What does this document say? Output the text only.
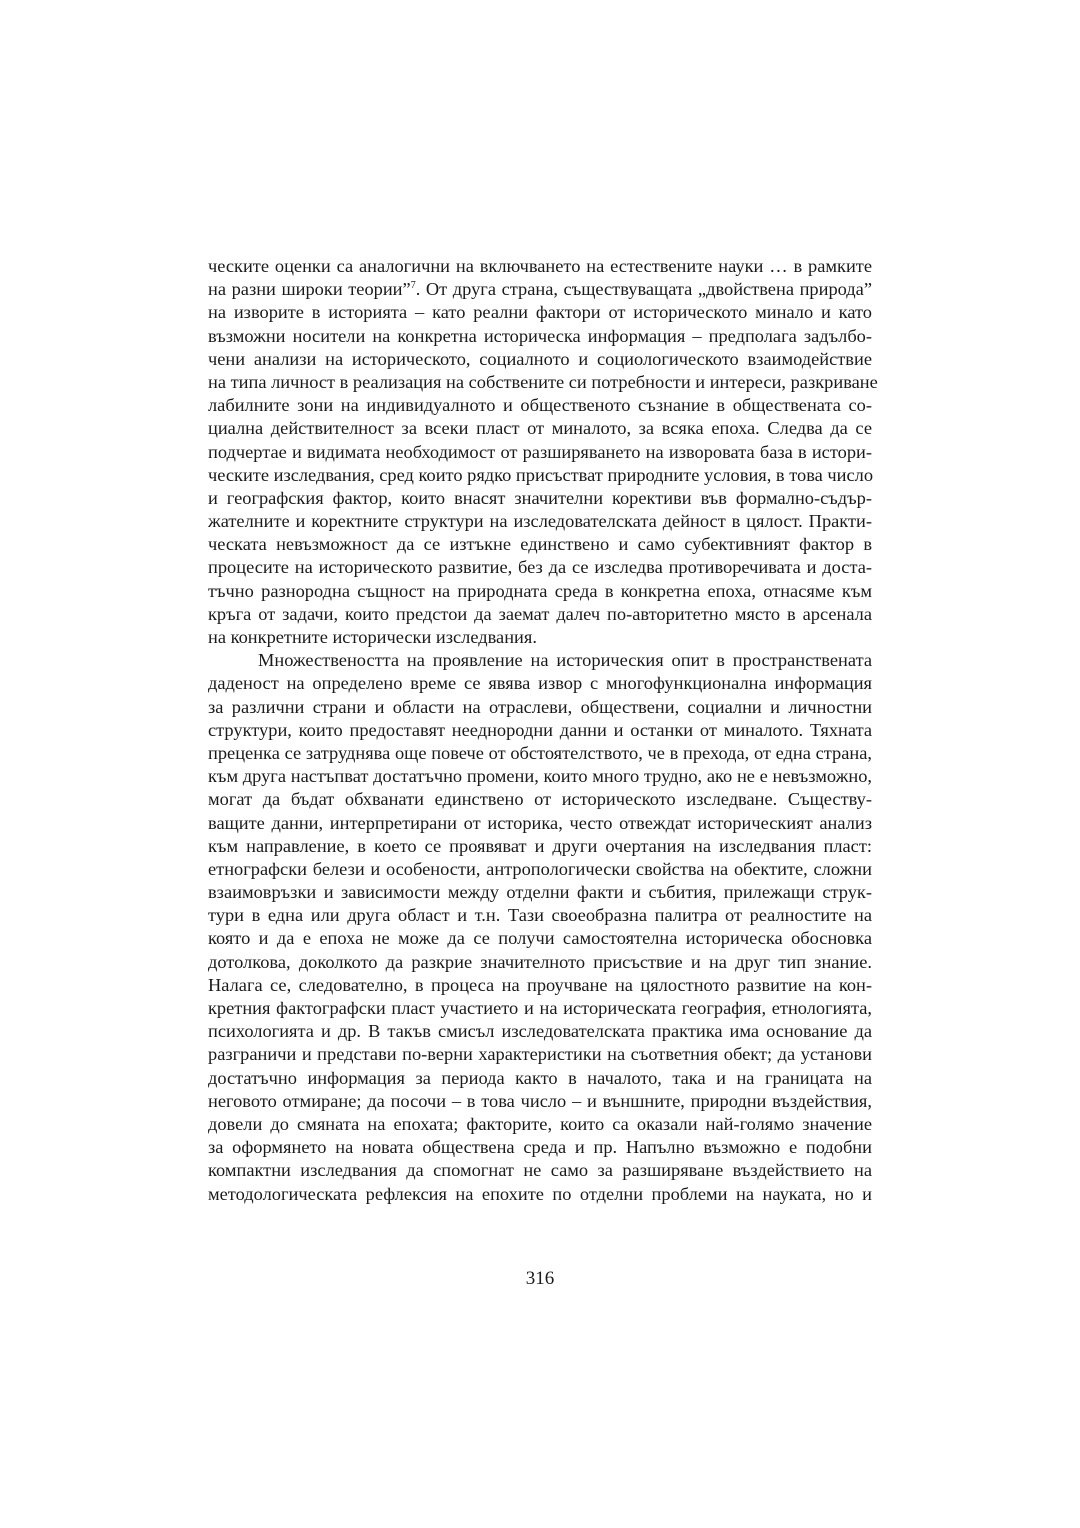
ческите оценки са аналогични на включването на естествените науки … в рамките
на разни широки теории”$^7$. От друга страна, съществуващата „двойствена природа”
на изворите в историята – като реални фактори от историческото минало и като
възможни носители на конкретна историческа информация – предполага задълбо-
чени анализи на историческото, социалното и социологическото взаимодействие
на типа личност в реализация на собствените си потребности и интереси, разкриване
лабилните зони на индивидуалното и общественото съзнание в обществената со-
циална действителност за всеки пласт от миналото, за всяка епоха. Следва да се
подчертае и видимата необходимост от разширяването на изворовата база в истори-
ческите изследвания, сред които рядко присъстват природните условия, в това число
и географския фактор, които внасят значителни корективи във формално-съдър-
жателните и коректните структури на изследователската дейност в цялост. Практи-
ческата невъзможност да се изтъкне единствено и само субективният фактор в
процесите на историческото развитие, без да се изследва противоречивата и доста-
тъчно разнородна същност на природната среда в конкретна епоха, отнасяме към
кръга от задачи, които предстои да заемат далеч по-авторитетно място в арсенала
на конкретните исторически изследвания.

Множествеността на проявление на историческия опит в пространствената
даденост на определено време се явява извор с многофункционална информация
за различни страни и области на отраслеви, обществени, социални и личностни
структури, които предоставят нееднородни данни и останки от миналото. Тяхната
преценка се затруднява още повече от обстоятелството, че в прехода, от една страна,
към друга настъпват достатъчно промени, които много трудно, ако не е невъзможно,
могат да бъдат обхванати единствено от историческото изследване. Съществу-
ващите данни, интерпретирани от историка, често отвеждат историческият анализ
към направление, в което се проявяват и други очертания на изследвания пласт:
етнографски белези и особености, антропологически свойства на обектите, сложни
взаимовръзки и зависимости между отделни факти и събития, прилежащи струк-
тури в една или друга област и т.н. Тази своеобразна палитра от реалностите на
която и да е епоха не може да се получи самостоятелна историческа обосновка
дотолкова, доколкото да разкрие значителното присъствие и на друг тип знание.
Налага се, следователно, в процеса на проучване на цялостното развитие на кон-
кретния фактографски пласт участието и на историческата география, етнологията,
психологията и др. В такъв смисъл изследователската практика има основание да
разграничи и представи по-верни характеристики на съответния обект; да установи
достатъчно информация за периода както в началото, така и на границата на
неговото отмиране; да посочи – в това число – и външните, природни въздействия,
довели до смяната на епохата; факторите, които са оказали най-голямо значение
за оформянето на новата обществена среда и пр. Напълно възможно е подобни
компактни изследвания да спомогнат не само за разширяване въздействието на
методологическата рефлексия на епохите по отделни проблеми на науката, но и

316
